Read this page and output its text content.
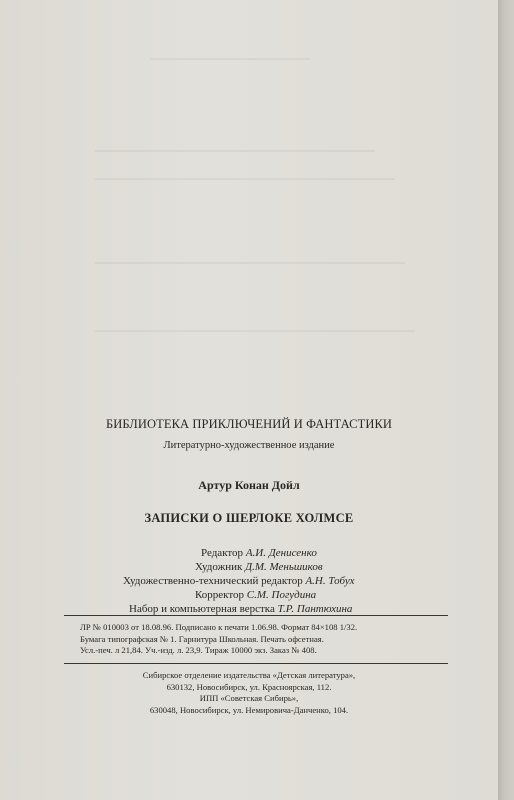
БИБЛИОТЕКА ПРИКЛЮЧЕНИЙ И ФАНТАСТИКИ
Литературно-художественное издание
Артур Конан Дойл
ЗАПИСКИ О ШЕРЛОКЕ ХОЛМСЕ
Редактор А.И. Денисенко
Художник Д.М. Меньшиков
Художественно-технический редактор А.Н. Тобух
Корректор С.М. Погудина
Набор и компьютерная верстка Т.Р. Пантюхина
ЛР № 010003 от 18.08.96. Подписано к печати 1.06.98. Формат 84×108 1/32.
Бумага типографская № 1. Гарнитура Школьная. Печать офсетная.
Усл.-печ. л 21,84. Уч.-изд. л. 23,9. Тираж 10000 экз. Заказ № 408.
Сибирское отделение издательства «Детская литература»,
630132, Новосибирск, ул. Красноярская, 112.
ИПП «Советская Сибирь»,
630048, Новосибирск, ул. Немировича-Данченко, 104.
